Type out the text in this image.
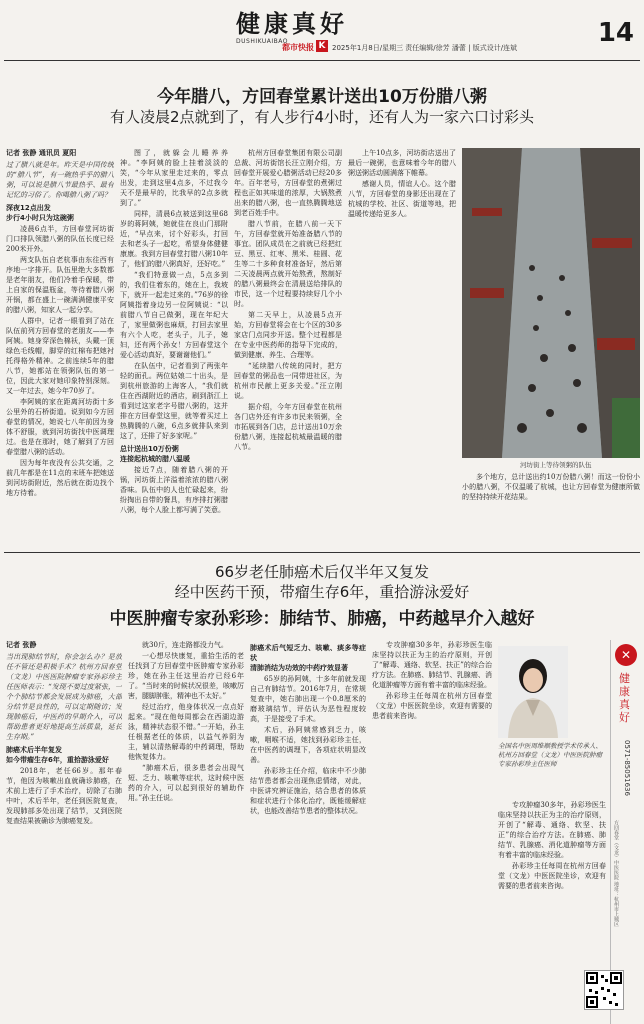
健康真好
DUSHIKUAIBAO
都市快报 K 2025年1月8日/星期三 责任编辑/徐芳 潘蕾 | 版式设计/连斌	14
今年腊八，方回春堂累计送出10万份腊八粥
有人凌晨2点就到了，有人步行4小时，还有人为一家六口讨彩头
记者 张静 通讯员 夏阳
过了腊八就是年。昨天是中国传统的“腊八节”，有一碗热乎乎的腊八粥，可以说是腊八节最热乎、最有记忆的习俗了。你喝腊八粥了吗？

深夜12点出发
步行4小时只为这碗粥

凌晨6点半，方回春堂河坊街门口排队领腊八粥的队伍长度已经200米开外。

两支队伍自老杭事由东往西有序地一字排开。队伍里绝大多数都是老年朋友，他们冷着手保暖，带上自家的保温瓶盆，等待着腊八粥开锅，都在盛上一碗满满健康平安的腊八粥，知家人一起分享。

人群中，记者一眼看到了站在队伍前列方回春堂的老朋友——李阿姨。她身穿深色棉袄，头戴一顶绿色毛线帽，脚穿的红棉布把她衬托得格外精神。之前连续5年的腊八节，她都站在领粥队伍的第一位，因此大家对她印象特别深刻。又一年过去，她今年70岁了。

李阿姨的家在距离河坊街十多公里外的石桥街道。说到如今方回春堂的情况，她说七八年前因为身体不舒服，就到河坊街找中医调理过。也是在那时，她了解到了方回春堂腊八粥的活动。

因为每年夜没有公共交通，之前几年都是在11点的末班车把她送到河坊街附近，然后就在街边找个地方待着。

图了，就躲会儿睡养养神。“李阿姨的脸上挂着淡淡的笑，“今年从家里走过来的，零点出发，走到这里4点多，不过我今天不是最早的，比我早的2点多就到了。”

同样，清晨6点被送到这里68岁的蒋阿姨，她就住在良山门那附近，“早点来，讨个好彩头，打回去和老头子一起吃，希望身体健健康康。我到方回春堂打腊八粥10年了，他们的腊八粥真好，还好吃。”

“我们特意做一点，5点多到的，我们住着东的，她在上，我坡下，就开一起走过来的。”76岁的徐阿姨指着身边另一位阿姨说：“以前腊八节自己做粥，现在年纪大了，家里做粥也麻烦，打回去家里有六个人吃，老头子，儿子，媳妇，还有两个孙女！方回春堂这个爱心活动真好，要谢谢他们。”

在队伍中，记者看到了两张年轻的面孔。两位姑娘二十出头，是到杭州旅游的上海客人，“我们就住在西湖附近的酒店，刷到浙江上看到过这家老字号腊八粥的，这并排在方回春堂这里，就等着买过上热腾腾的八碗，6点多就排队来到这了，还排了好多家呢。”

总计送出10万份粥
连接起杭城的腊八温暖

接近7点，随着腊八粥的开锅，河坊街上洋溢着浓浓的腊八粥香味。队伍中的人也忙碌起来，纷纷掏出自带的餐具，有序排打粥腊八粥，每个人脸上都写满了笑意。

杭州方回春堂集团有限公司副总裁、河坊街馆长汪立刚介绍，方回春堂开展爱心腊粥活动已经20多年。百年老号，方回春堂的煮粥过程也正如其味道的浓厚，大锅熬煮出来的腊八粥，也一直热腾腾地送到老百姓手中。

腊八节前，在腊八前一天下午，方回春堂就开始准备腊八节的事宜。团队成员在之前就已经把红豆、黑豆、红枣、黑米、桂圆、花生等二十多种食材准备好，然后第二天凌晨两点就开始熬煮，熬制好的腊八粥最终会在清晨送给排队的市民，这一个过程要持续好几个小时。

第二天早上，从凌晨5点开始，方回春堂将会在七个区的30多家店门点同步开送。整个过程都是在专业中医药师的指导下完成的，做到健康、养生、合理等。

“延续腊八传统的同时，把方回春堂的粥品也一同带进社区，为杭州市民献上更多关爱。”汪立刚说。

据介绍，今年方回春堂在杭州各门店外还有许多市民来领粥，全市拓展到各门店，总计送出10万余份腊八粥，连接起杭城最温暖的腊八节。

上午10点多，河坊街店送出了最后一碗粥，也意味着今年的腊八粥送粥活动圆满落下帷幕。

感谢人员，情谊人心。这个腊八节，方回春堂的身影还出现在了杭城的学校、社区、街道等地，把温暖传递给更多人。

河坊街上等待领粥的队伍

多个地方，总计送出约10万份腊八粥！而这一份份小小的腊八粥，不仅温暖了杭城，也让方回春堂为健康所做的坚持持续开花结果。

66岁老任肺癌术后仅半年又复发
经中医药干预，带瘤生存6年，重拾游泳爱好
中医肿瘤专家孙彩珍：肺结节、肺癌，中药越早介入越好
记者 张静
当出现肺结节时，你会怎么办？是放任不管还是积极手术？杭州方回春堂（文龙）中医医院肿瘤专家孙彩珍主任医师表示：“发现不要过度紧张，一个个肺结节都会发展成为肺癌，大部分结节是良性的，可以定期随访；发现肺癌后，中医药的早期介入，可以帮助患者更好地提高生活质量，延长生存期。”

肺癌术后半年复发
如今带瘤生存6年，重拾游泳爱好

2018年，老任66岁。那年春节，他因为咳嗽出血就确诊肺癌，在术前上进行了手术治疗，切除了右肺中叶，术后半年，老任到医院复查，发现肺部多处出现了结节，又到医院复查结果被确诊为肺癌复发。

就30斤，连走路都没力气。

一心想尽快康复，重拾生活的老任找到了方回春堂中医肿瘤专家孙彩珍，她在孙主任这里治疗已经6年了。“当时来的时候状况很差，咳嗽厉害，腿脚肿胀，精神也不太好。”

经过治疗，他身体状况一点点好起来。“现在他每周都会在西湖边游泳，精神状态很不错。”一开始，孙主任根据老任的体质，以益气养阴为主，辅以清热解毒的中药调理，帮助他恢复体力。

“肺癌术后，很多患者会出现气短、乏力、咳嗽等症状，这时候中医药的介入，可以起到很好的辅助作用。”孙主任说。

肺癌术后气短乏力、咳嗽、痰多等症状
清肺消结为功效的中药疗效显著

65岁的孙阿姨，十多年前就发现自己有肺结节。2016年7月，在常规复查中，她右肺出现一个0.8厘米的磨玻璃结节，评估认为恶性程度较高，于是接受了手术。

术后，孙阿姨常感到乏力，咳嗽，咽喉不适，她找到孙彩珍主任，在中医药的调理下，各项症状明显改善。

孙彩珍主任介绍，临床中不少肺结节患者都会出现焦虑情绪，对此，中医讲究辨证施治，结合患者的体质和症状进行个体化治疗，既能缓解症状，也能改善结节患者的整体状况。

专攻肿瘤30多年，孙彩珍医生临床坚持以扶正为主的治疗原则，开创了“解毒、通络、软坚、扶正”的综合治疗方法。在肺癌、肺结节、乳腺癌、消化道肿瘤等方面有着丰富的临床经验。

孙彩珍主任每周在杭州方回春堂（文龙）中医医院坐诊，欢迎有需要的患者前来咨询。

全国名中医周维顺教授学术传承人、杭州方回春堂（文龙）中医医院肿瘤专家孙彩珍主任医师

专攻肿瘤30多年，孙彩珍医生临床坚持以扶正为主的治疗原则，开创了“解毒、通络、软坚、扶正”的综合治疗方法。在肺癌、肺结节、乳腺癌、消化道肿瘤等方面有着丰富的临床经验。

孙彩珍主任每周在杭州方回春堂（文龙）中医医院坐诊，欢迎有需要的患者前来咨询。

✕
健康真好
0571-85051636
方回春堂（文龙）中医医院 地址：杭州市上城区
